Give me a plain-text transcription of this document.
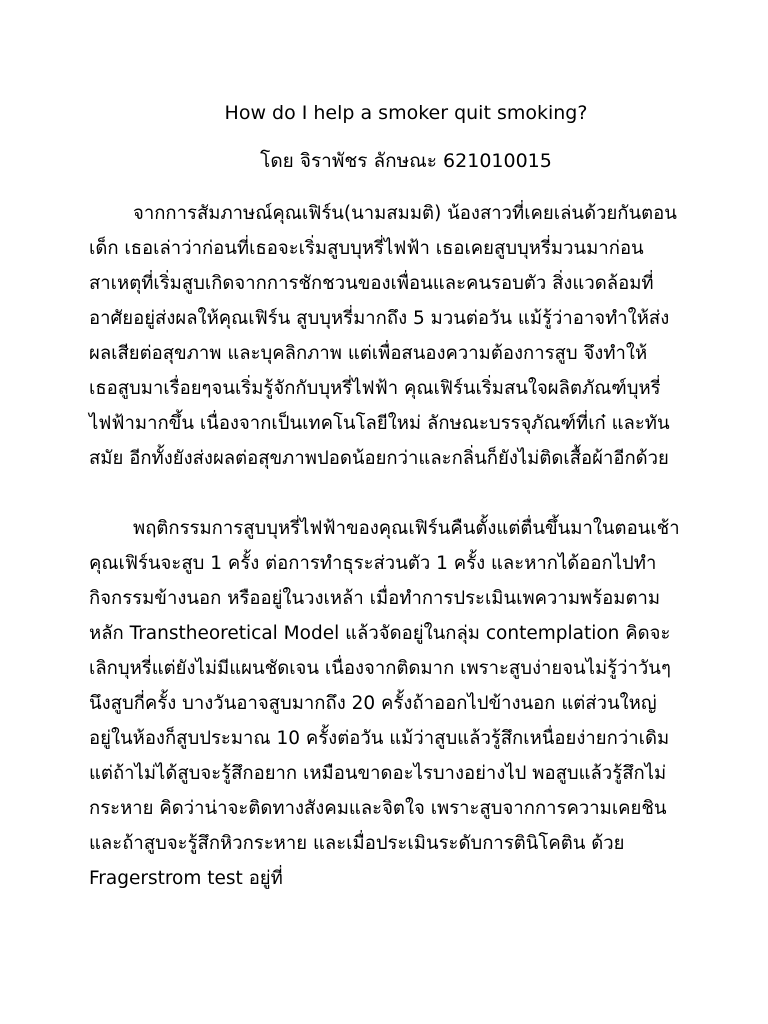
How do I help a smoker quit smoking?
โดย จิราพัชร ลักษณะ 621010015
จากการสัมภาษณ์คุณเฟิร์น(นามสมมติ) น้องสาวที่เคยเล่นด้วยกันตอน
เด็ก เธอเล่าว่าก่อนที่เธอจะเริ่มสูบบุหรี่ไฟฟ้า เธอเคยสูบบุหรี่มวนมาก่อน
สาเหตุที่เริ่มสูบเกิดจากการชักชวนของเพื่อนและคนรอบตัว สิ่งแวดล้อมที่
อาศัยอยู่ส่งผลให้คุณเฟิร์น สูบบุหรี่มากถึง 5 มวนต่อวัน แม้รู้ว่าอาจทำให้ส่ง
ผลเสียต่อสุขภาพ และบุคลิกภาพ แต่เพื่อสนองความต้องการสูบ จึงทำให้
เธอสูบมาเรื่อยๆจนเริ่มรู้จักกับบุหรี่ไฟฟ้า คุณเฟิร์นเริ่มสนใจผลิตภัณฑ์บุหรี่
ไฟฟ้ามากขึ้น เนื่องจากเป็นเทคโนโลยีใหม่ ลักษณะบรรจุภัณฑ์ที่เก๋ และทัน
สมัย อีกทั้งยังส่งผลต่อสุขภาพปอดน้อยกว่าและกลิ่นก็ยังไม่ติดเสื้อผ้าอีกด้วย
พฤติกรรมการสูบบุหรี่ไฟฟ้าของคุณเฟิร์นคืนตั้งแต่ตื่นขึ้นมาในตอนเช้า
คุณเฟิร์นจะสูบ 1 ครั้ง ต่อการทำธุระส่วนตัว 1 ครั้ง และหากได้ออกไปทำ
กิจกรรมข้างนอก หรืออยู่ในวงเหล้า เมื่อทำการประเมินเพความพร้อมตาม
หลัก Transtheoretical Model แล้วจัดอยู่ในกลุ่ม contemplation คิดจะ
เลิกบุหรี่แต่ยังไม่มีแผนชัดเจน เนื่องจากติดมาก เพราะสูบง่ายจนไม่รู้ว่าวันๆ
นึงสูบกี่ครั้ง บางวันอาจสูบมากถึง 20 ครั้งถ้าออกไปข้างนอก แต่ส่วนใหญ่
อยู่ในห้องก็สูบประมาณ 10 ครั้งต่อวัน แม้ว่าสูบแล้วรู้สึกเหนื่อยง่ายกว่าเดิม
แต่ถ้าไม่ได้สูบจะรู้สึกอยาก เหมือนขาดอะไรบางอย่างไป พอสูบแล้วรู้สึกไม่
กระหาย คิดว่าน่าจะติดทางสังคมและจิตใจ เพราะสูบจากการความเคยชิน
และถ้าสูบจะรู้สึกหิวกระหาย และเมื่อประเมินระดับการตินิโคติน ด้วย
Fragerstrom test อยู่ที่
